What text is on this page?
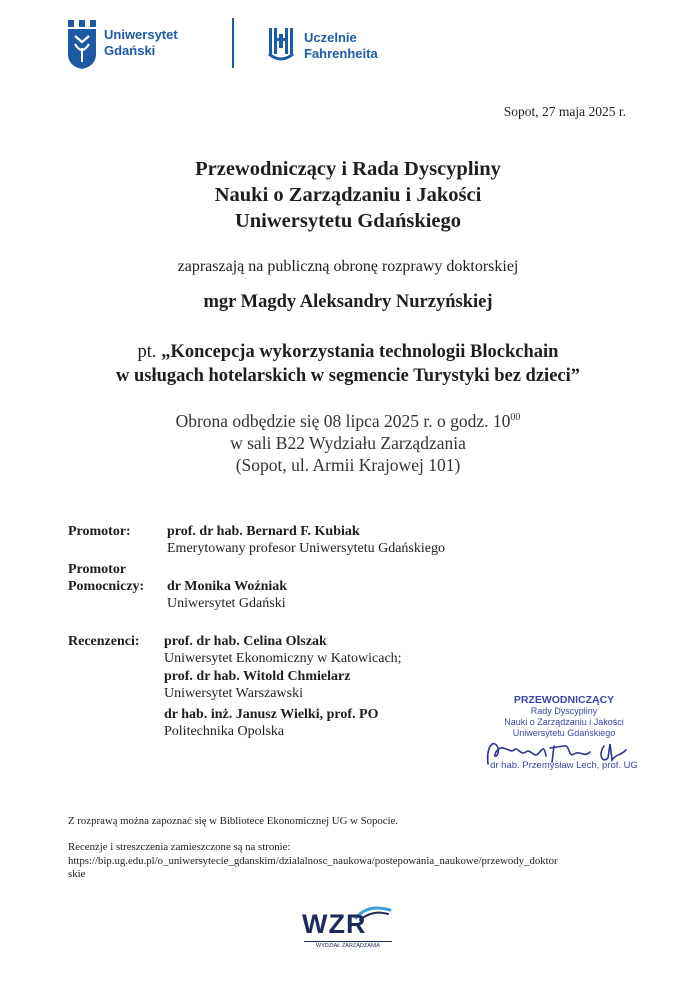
Uniwersytet
Gdański
Uczelnie
Fahrenheita
Sopot, 27 maja 2025 r.
Przewodniczący i Rada Dyscypliny
Nauki o Zarządzaniu i Jakości
Uniwersytetu Gdańskiego
zapraszają na publiczną obronę rozprawy doktorskiej
mgr Magdy Aleksandry Nurzyńskiej
pt. „Koncepcja wykorzystania technologii Blockchain
w usługach hotelarskich w segmencie Turystyki bez dzieci”
Obrona odbędzie się 08 lipca 2025 r. o godz. $10^{00}$
w sali B22 Wydziału Zarządzania
(Sopot, ul. Armii Krajowej 101)
Promotor:	prof. dr hab. Bernard F. Kubiak
Emerytowany profesor Uniwersytetu Gdańskiego
Promotor
Pomocniczy: dr Monika Woźniak
Uniwersytet Gdański
Recenzenci: prof. dr hab. Celina Olszak
Uniwersytet Ekonomiczny w Katowicach;
prof. dr hab. Witold Chmielarz
Uniwersytet Warszawski
dr hab. inż. Janusz Wielki, prof. PO
Politechnika Opolska
PRZEWODNICZĄCY
Rady Dyscypliny
Nauki o Zarządzaniu i Jakości
Uniwersytetu Gdańskiego
dr hab. Przemysław Lech, prof. UG
Z rozprawą można zapoznać się w Bibliotece Ekonomicznej UG w Sopocie.
Recenzje i streszczenia zamieszczone są na stronie:
https://bip.ug.edu.pl/o_uniwersytecie_gdanskim/dzialalnosc_naukowa/postepowania_naukowe/przewody_doktor
skie
WZR
WYDZIAŁ ZARZĄDZANIA
